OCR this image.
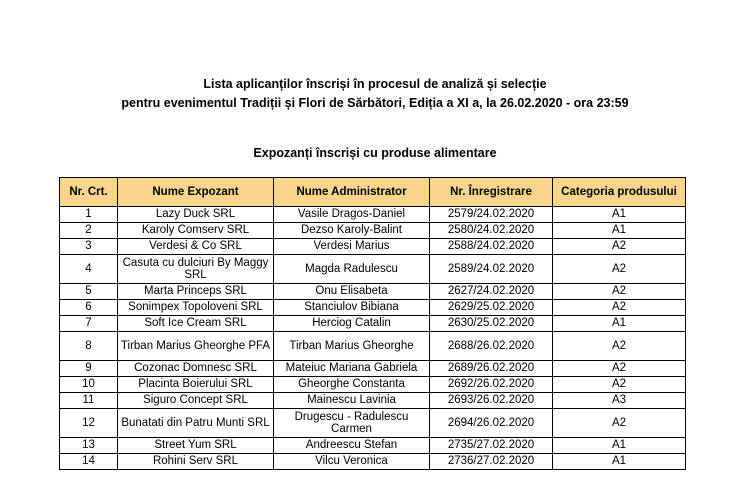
Lista aplicanților înscriși în procesul de analiză și selecție
pentru evenimentul Tradiții și Flori de Sărbători, Ediția a XI a, la 26.02.2020 - ora 23:59
Expozanți înscriși cu produse alimentare
Nr. Crt.	Nume Expozant	Nume Administrator	Nr. Înregistrare	Categoria produsului
1	Lazy Duck SRL	Vasile Dragos-Daniel	2579/24.02.2020	A1
2	Karoly Comserv SRL	Dezso Karoly-Balint	2580/24.02.2020	A1
3	Verdesi & Co SRL	Verdesi Marius	2588/24.02.2020	A2
4	Casuta cu dulciuri By Maggy SRL	Magda Radulescu	2589/24.02.2020	A2
5	Marta Princeps SRL	Onu Elisabeta	2627/24.02.2020	A2
6	Sonimpex Topoloveni SRL	Stanciulov Bibiana	2629/25.02.2020	A2
7	Soft Ice Cream SRL	Herciog Catalin	2630/25.02.2020	A1
8	Tirban Marius Gheorghe PFA	Tirban Marius Gheorghe	2688/26.02.2020	A2
9	Cozonac Domnesc SRL	Mateiuc Mariana Gabriela	2689/26.02.2020	A2
10	Placinta Boierului SRL	Gheorghe Constanta	2692/26.02.2020	A2
11	Siguro Concept SRL	Mainescu Lavinia	2693/26.02.2020	A3
12	Bunatati din Patru Munti SRL	Drugescu - Radulescu Carmen	2694/26.02.2020	A2
13	Street Yum SRL	Andreescu Stefan	2735/27.02.2020	A1
14	Rohini Serv SRL	Vilcu Veronica	2736/27.02.2020	A1
